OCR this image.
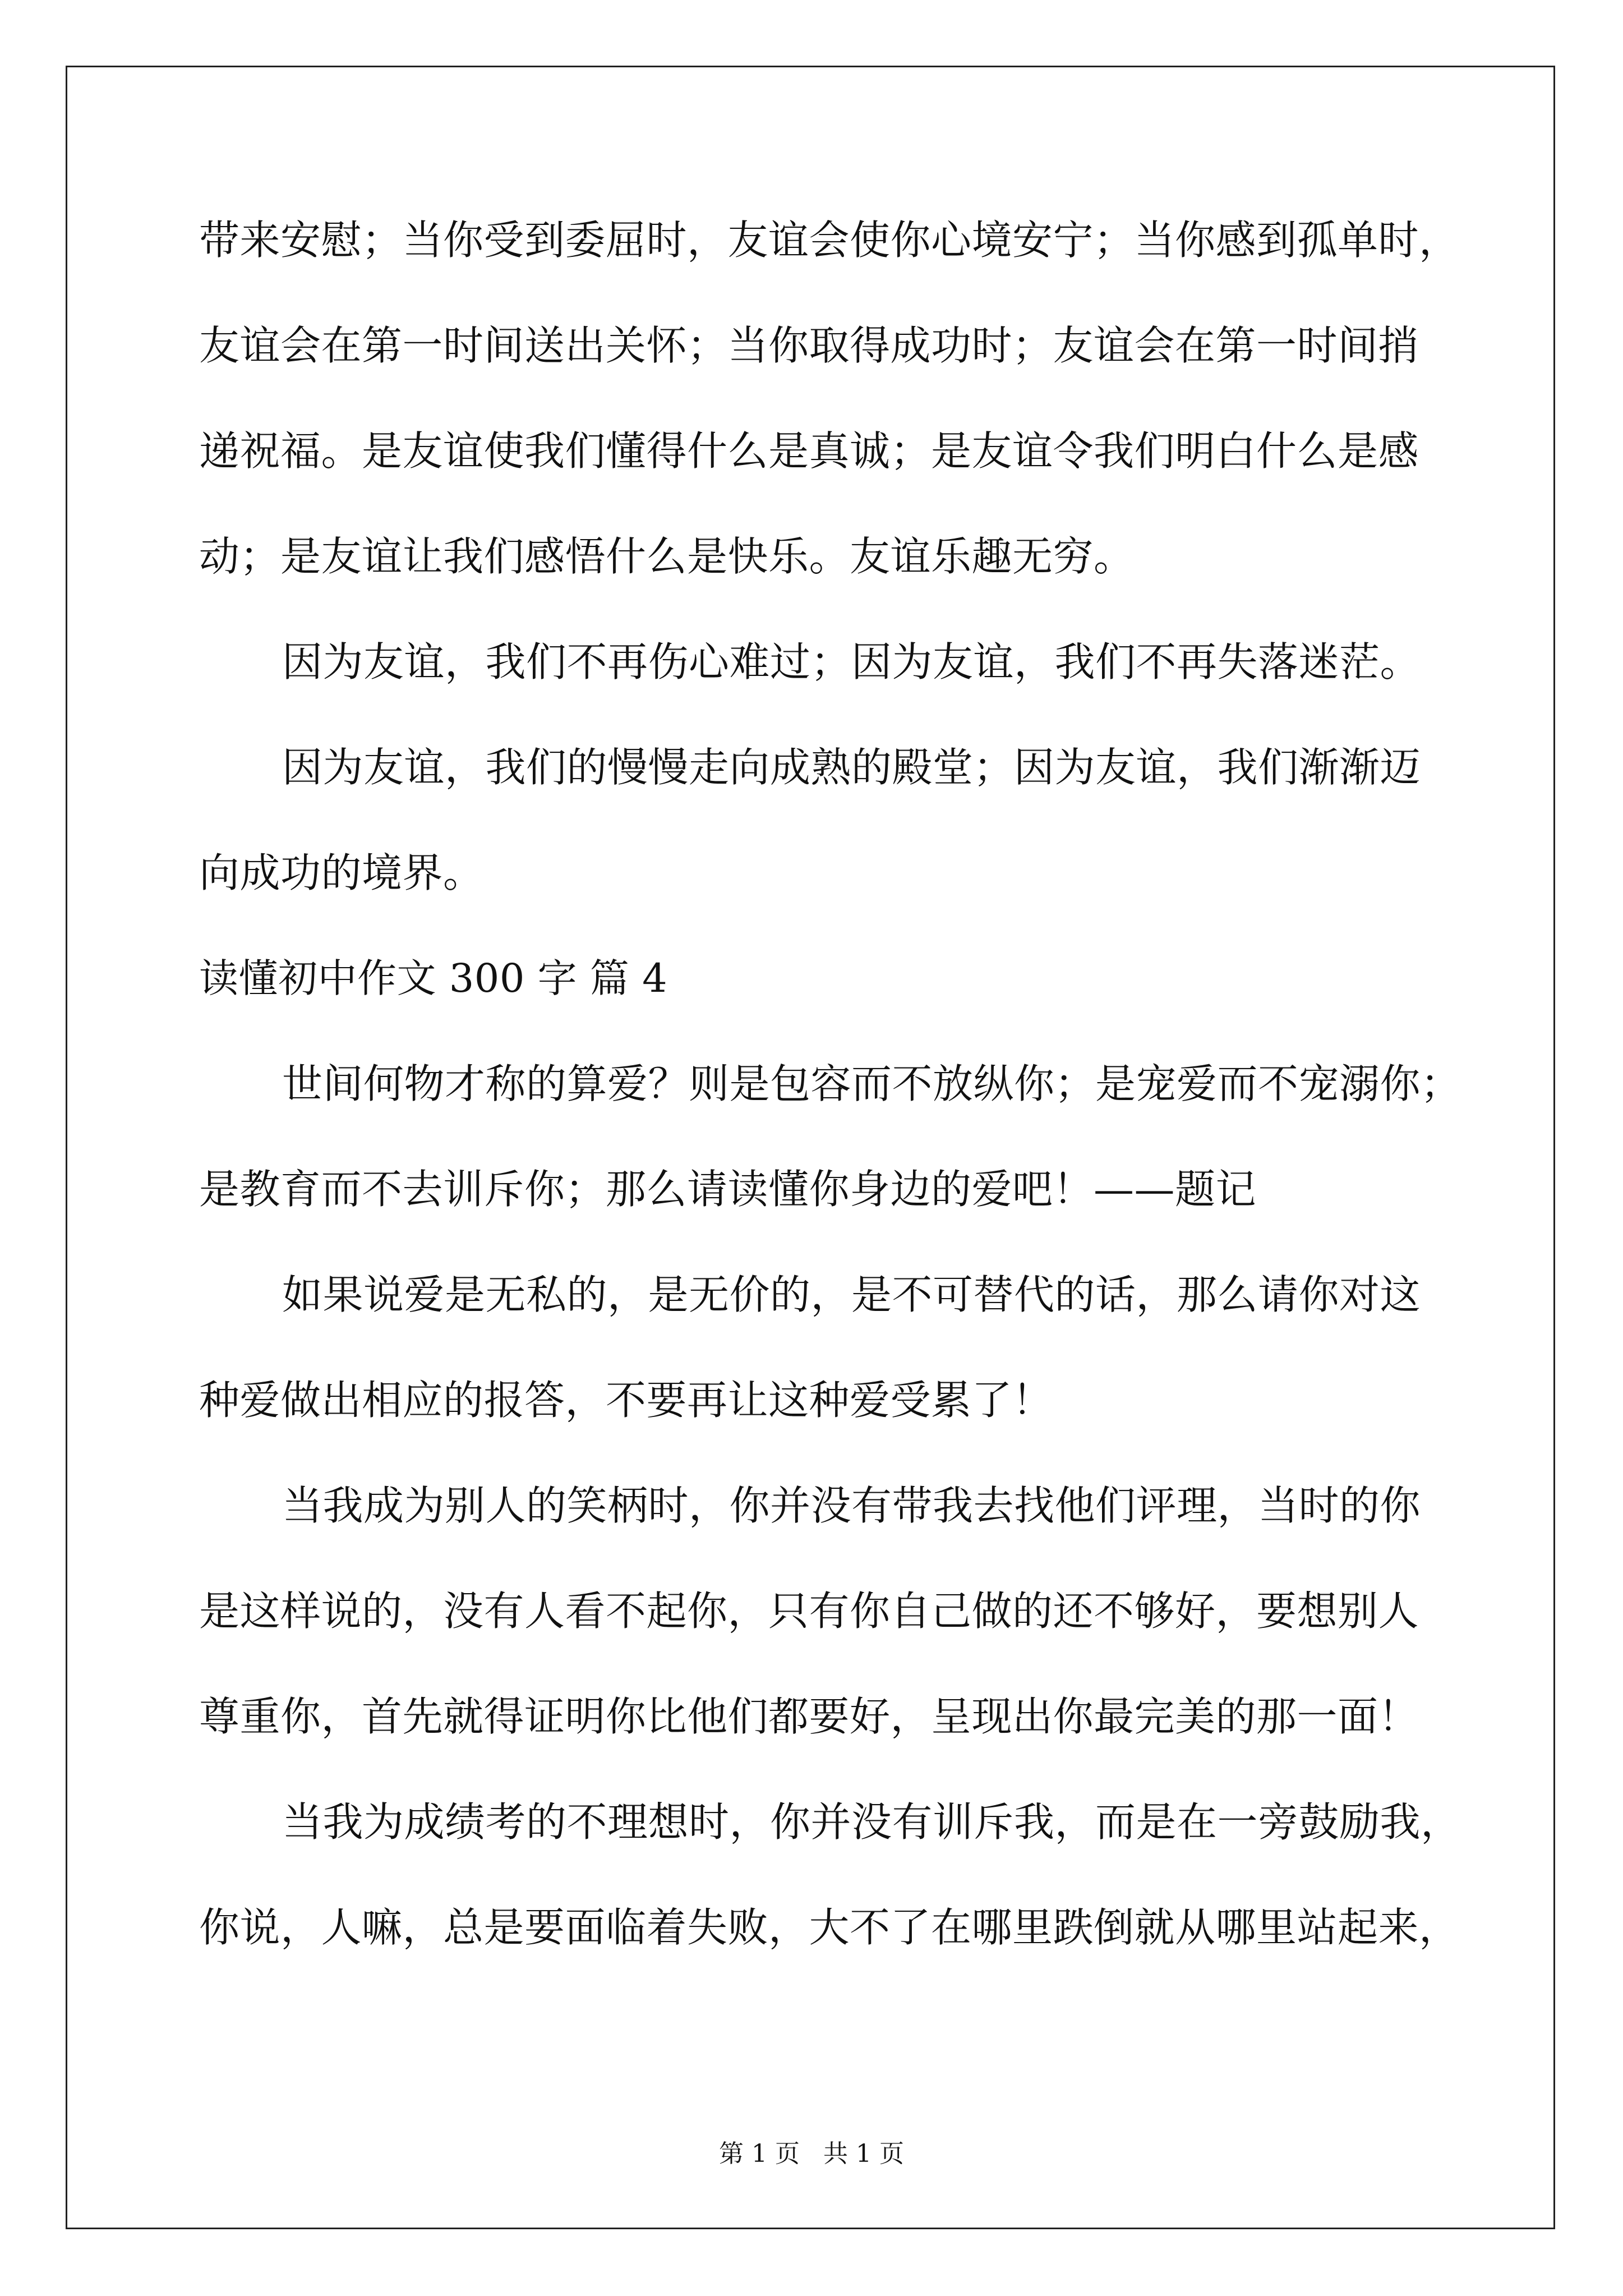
带来安慰；当你受到委屈时，友谊会使你心境安宁；当你感到孤单时，
友谊会在第一时间送出关怀；当你取得成功时；友谊会在第一时间捎
递祝福。是友谊使我们懂得什么是真诚；是友谊令我们明白什么是感
动；是友谊让我们感悟什么是快乐。友谊乐趣无穷。
因为友谊，我们不再伤心难过；因为友谊，我们不再失落迷茫。
因为友谊，我们的慢慢走向成熟的殿堂；因为友谊，我们渐渐迈
向成功的境界。
读懂初中作文 300 字 篇 4
世间何物才称的算爱？则是包容而不放纵你；是宠爱而不宠溺你；
是教育而不去训斥你；那么请读懂你身边的爱吧！——题记
如果说爱是无私的，是无价的，是不可替代的话，那么请你对这
种爱做出相应的报答，不要再让这种爱受累了！
当我成为别人的笑柄时，你并没有带我去找他们评理，当时的你
是这样说的，没有人看不起你，只有你自己做的还不够好，要想别人
尊重你，首先就得证明你比他们都要好，呈现出你最完美的那一面！
当我为成绩考的不理想时，你并没有训斥我，而是在一旁鼓励我，
你说，人嘛，总是要面临着失败，大不了在哪里跌倒就从哪里站起来，
第 1 页 共 1 页
